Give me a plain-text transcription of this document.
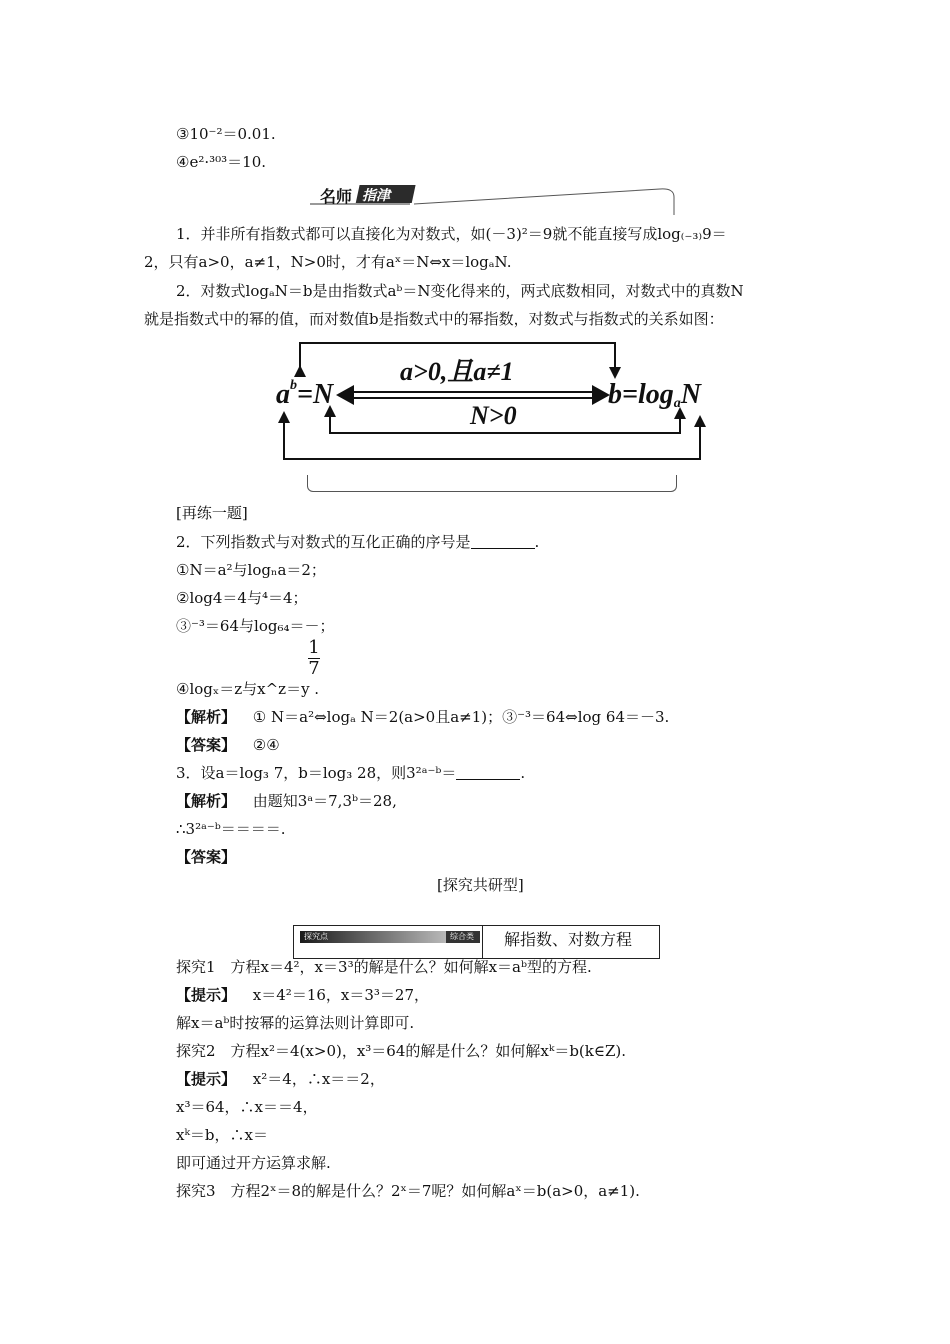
③10⁻²＝0.01.
④e²·³⁰³＝10.
名师 指津
1．并非所有指数式都可以直接化为对数式，如(－3)²＝9就不能直接写成log₍₋₃₎9＝
2，只有a>0，a≠1，N>0时，才有aˣ＝N⇔x＝logₐN.
2．对数式logₐN＝b是由指数式aᵇ＝N变化得来的，两式底数相同，对数式中的真数N
就是指数式中的幂的值，而对数值b是指数式中的幂指数，对数式与指数式的关系如图：
$a^b=N$
a>0,且a≠1
N>0
$b=\log_aN$
[再练一题]
2．下列指数式与对数式的互化正确的序号是	.
①N＝a²与logₙa＝2；
②log4＝4与⁴＝4；
③⁻³＝64与log₆₄＝－；
1
7
④logₓ＝z与x^z＝y .
【解析】 ① N＝a²⇔logₐ N＝2(a>0且a≠1)；③⁻³＝64⇔log 64＝－3.
【答案】 ②④
3．设a＝log₃ 7，b＝log₃ 28，则3²ᵃ⁻ᵇ＝	.
【解析】 由题知3ᵃ＝7,3ᵇ＝28,
∴3²ᵃ⁻ᵇ＝＝＝＝.
【答案】
[探究共研型]
探究点	综合类 解指数、对数方程
探究1　方程x＝4²，x＝3³的解是什么？如何解x＝aᵇ型的方程.
【提示】 x＝4²＝16，x＝3³＝27，
解x＝aᵇ时按幂的运算法则计算即可.
探究2　方程x²＝4(x>0)，x³＝64的解是什么？如何解xᵏ＝b(k∈Z).
【提示】 x²＝4，∴x＝＝2，
x³＝64，∴x＝＝4，
xᵏ＝b，∴x＝
即可通过开方运算求解.
探究3　方程2ˣ＝8的解是什么？2ˣ＝7呢？如何解aˣ＝b(a>0，a≠1).
